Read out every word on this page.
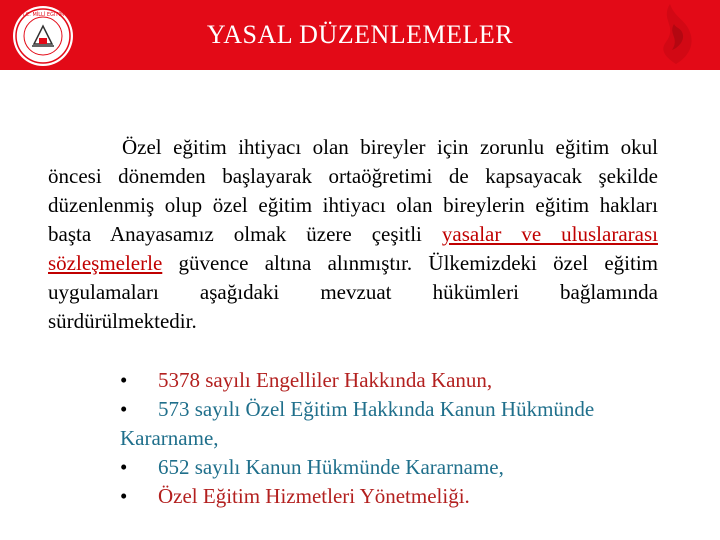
T.C. MİLLİ EĞİTİM
YASAL DÜZENLEMELER
Özel eğitim ihtiyacı olan bireyler için zorunlu eğitim okul öncesi dönemden başlayarak ortaöğretimi de kapsayacak şekilde düzenlenmiş olup özel eğitim ihtiyacı olan bireylerin eğitim hakları başta Anayasamız olmak üzere çeşitli yasalar ve uluslararası sözleşmelerle güvence altına alınmıştır. Ülkemizdeki özel eğitim uygulamaları aşağıdaki mevzuat hükümleri bağlamında sürdürülmektedir.
• 5378 sayılı Engelliler Hakkında Kanun,
• 573 sayılı Özel Eğitim Hakkında Kanun Hükmünde Kararname,
• 652 sayılı Kanun Hükmünde Kararname,
• Özel Eğitim Hizmetleri Yönetmeliği.
